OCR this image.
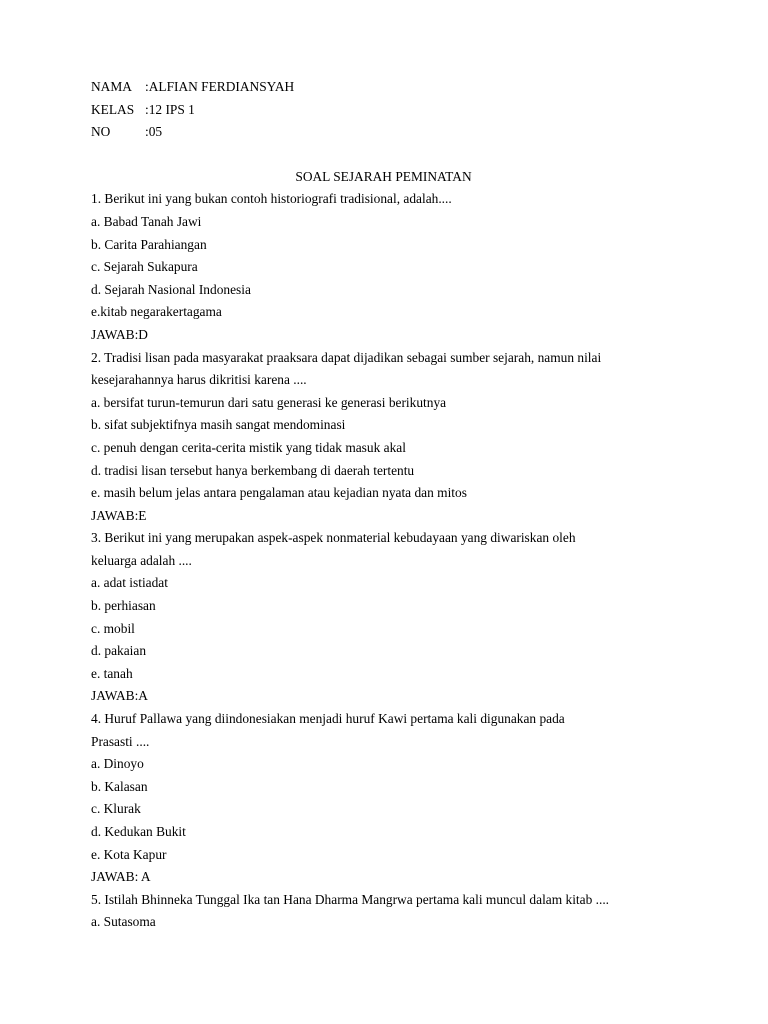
NAMA :ALFIAN FERDIANSYAH
KELAS :12 IPS 1
NO	:05
SOAL SEJARAH PEMINATAN
1. Berikut ini yang bukan contoh historiografi tradisional, adalah....
a. Babad Tanah Jawi
b. Carita Parahiangan
c. Sejarah Sukapura
d. Sejarah Nasional Indonesia
e.kitab negarakertagama
JAWAB:D
2. Tradisi lisan pada masyarakat praaksara dapat dijadikan sebagai sumber sejarah, namun nilai
kesejarahannya harus dikritisi karena ....
a. bersifat turun-temurun dari satu generasi ke generasi berikutnya
b. sifat subjektifnya masih sangat mendominasi
c. penuh dengan cerita-cerita mistik yang tidak masuk akal
d. tradisi lisan tersebut hanya berkembang di daerah tertentu
e. masih belum jelas antara pengalaman atau kejadian nyata dan mitos
JAWAB:E
3. Berikut ini yang merupakan aspek-aspek nonmaterial kebudayaan yang diwariskan oleh
keluarga adalah ....
a. adat istiadat
b. perhiasan
c. mobil
d. pakaian
e. tanah
JAWAB:A
4. Huruf Pallawa yang diindonesiakan menjadi huruf Kawi pertama kali digunakan pada
Prasasti ....
a. Dinoyo
b. Kalasan
c. Klurak
d. Kedukan Bukit
e. Kota Kapur
JAWAB: A
5. Istilah Bhinneka Tunggal Ika tan Hana Dharma Mangrwa pertama kali muncul dalam kitab ....
a. Sutasoma
